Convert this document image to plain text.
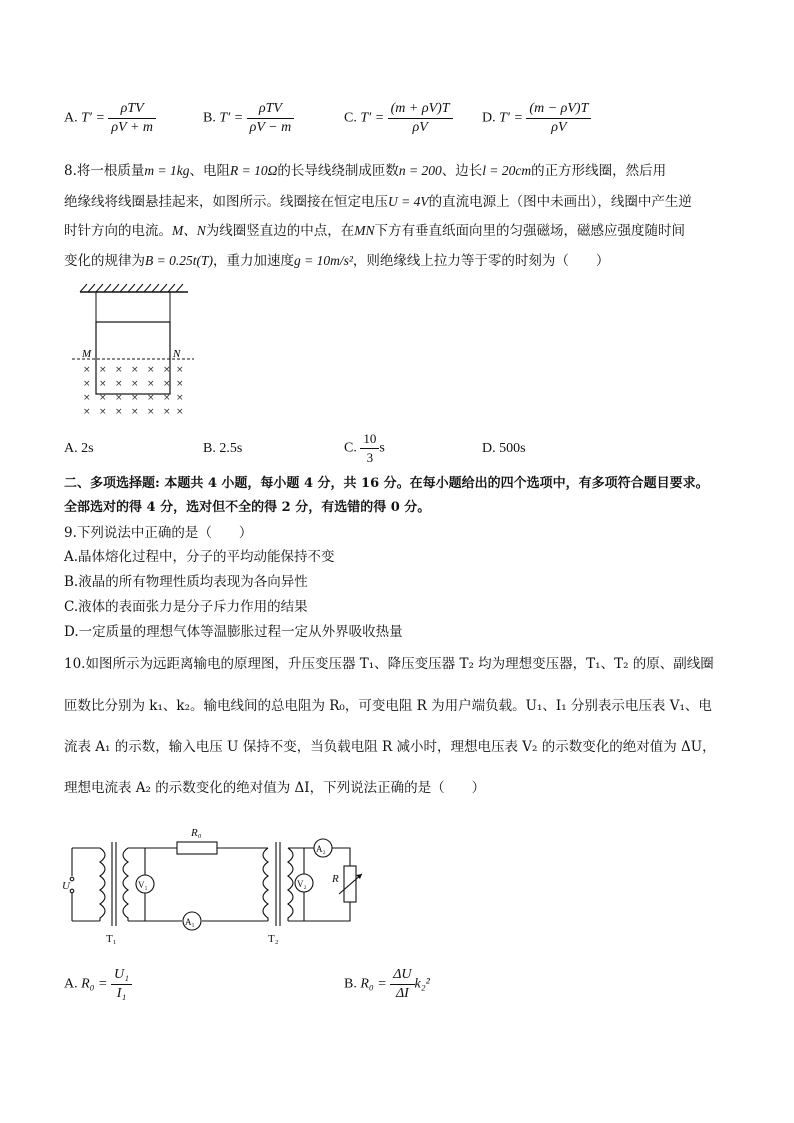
A. $T' = \frac{\text{ρTV}}{\rho V + m}$	B. $T' = \frac{\text{ρTV}}{\rho V - m}$	C. $T' = \frac{(m + \rho V)T}{\rho V} D$. $T' = \frac{(m - \rho V)T}{\rho V}$
8.将一根质量m = 1kg、电阻R = 10Ω的长导线绕制成匝数n = 200、边长l = 20cm的正方形线圈，然后用
绝缘线将线圈悬挂起来，如图所示。线圈接在恒定电压U = 4V的直流电源上（图中未画出），线圈中产生逆
时针方向的电流。M、N为线圈竖直边的中点，在MN下方有垂直纸面向里的匀强磁场，磁感应强度随时间
变化的规律为B = 0.25t(T)，重力加速度g = 10m/s²，则绝缘线上拉力等于零的时刻为（　　）
M	N
× × × × × × ×
× × × × × × ×
× × × × × × ×
× × × × × × ×
A. 2s	B. 2.5s	C. $\frac{10}{3}$ s	D. 500s
二、多项选择题: 本题共 4 小题，每小题 4 分，共 16 分。在每小题给出的四个选项中，有多项符合题目要求。
全部选对的得 4 分，选对但不全的得 2 分，有选错的得 0 分。
9.下列说法中正确的是（　　）
A.晶体熔化过程中，分子的平均动能保持不变
B.液晶的所有物理性质均表现为各向异性
C.液体的表面张力是分子斥力作用的结果
D.一定质量的理想气体等温膨胀过程一定从外界吸收热量
10.如图所示为远距离输电的原理图，升压变压器 T₁、降压变压器 T₂ 均为理想变压器，T₁、T₂ 的原、副线圈
匝数比分别为 k₁、k₂。输电线间的总电阻为 R₀，可变电阻 R 为用户端负载。U₁、I₁ 分别表示电压表 V₁、电
流表 A₁ 的示数，输入电压 U 保持不变，当负载电阻 R 减小时，理想电压表 V₂ 的示数变化的绝对值为 ΔU，
理想电流表 A₂ 的示数变化的绝对值为 ΔI，下列说法正确的是（　　）
R₀
U	V₁
A₁
A₂
V₂ R
T₁	T₂
A. $R_0 = \frac{\text{U₁}}{\text{I₁}}$	B. $R_0 = \frac{\Delta U}{\Delta I} k_2^2$
